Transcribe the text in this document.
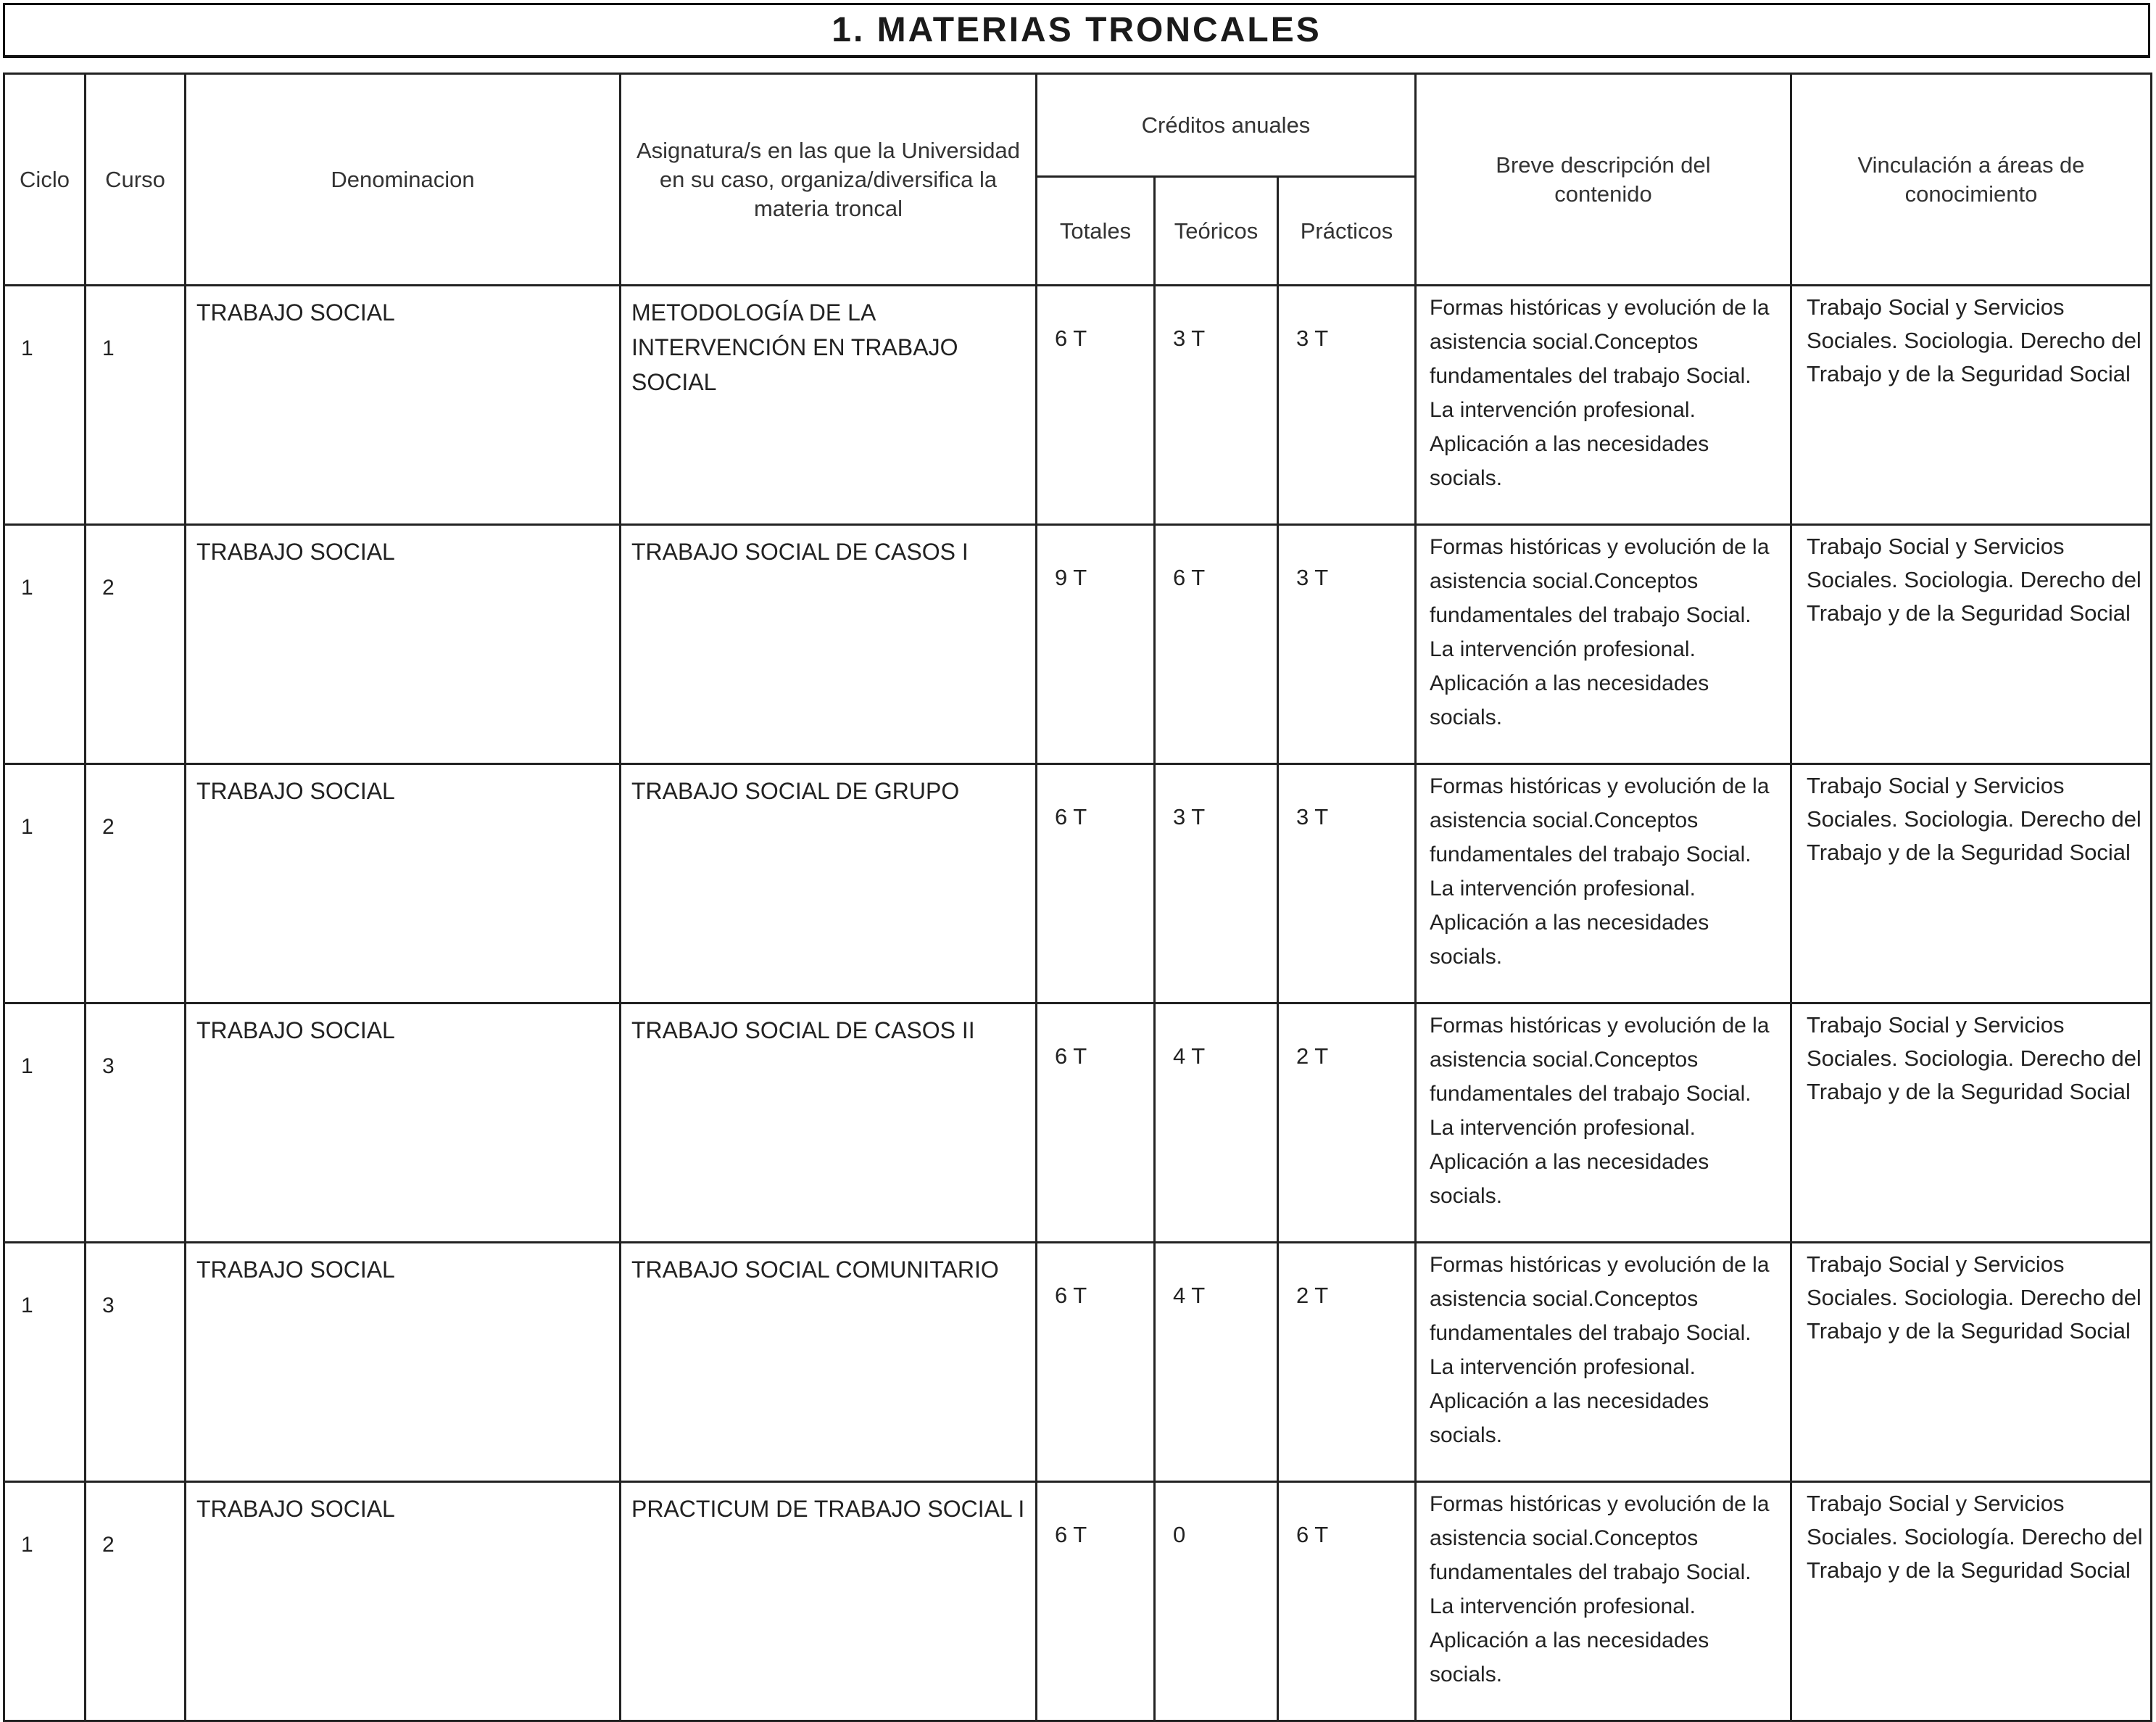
1. MATERIAS TRONCALES
Ciclo	Curso	Denominacion	Asignatura/s en las que la Universidad en su caso, organiza/diversifica la materia troncal	Créditos anuales			Breve descripción del contenido	Vinculación a áreas de conocimiento

				Totales	Teóricos	Prácticos		

1	1	TRABAJO SOCIAL	METODOLOGÍA DE LA INTERVENCIÓN EN TRABAJO SOCIAL	6 T	3 T	3 T	Formas históricas y evolución de la asistencia social.Conceptos fundamentales del trabajo Social. La intervención profesional. Aplicación a las necesidades socials.	Trabajo Social y Servicios Sociales. Sociologia. Derecho del Trabajo y de la Seguridad Social

1	2	TRABAJO SOCIAL	TRABAJO SOCIAL DE CASOS I	9 T	6 T	3 T	Formas históricas y evolución de la asistencia social.Conceptos fundamentales del trabajo Social. La intervención profesional. Aplicación a las necesidades socials.	Trabajo Social y Servicios Sociales. Sociologia. Derecho del Trabajo y de la Seguridad Social

1	2	TRABAJO SOCIAL	TRABAJO SOCIAL DE GRUPO	6 T	3 T	3 T	Formas históricas y evolución de la asistencia social.Conceptos fundamentales del trabajo Social. La intervención profesional. Aplicación a las necesidades socials.	Trabajo Social y Servicios Sociales. Sociologia. Derecho del Trabajo y de la Seguridad Social

1	3	TRABAJO SOCIAL	TRABAJO SOCIAL DE CASOS II	6 T	4 T	2 T	Formas históricas y evolución de la asistencia social.Conceptos fundamentales del trabajo Social. La intervención profesional. Aplicación a las necesidades socials.	Trabajo Social y Servicios Sociales. Sociologia. Derecho del Trabajo y de la Seguridad Social

1	3	TRABAJO SOCIAL	TRABAJO SOCIAL COMUNITARIO	6 T	4 T	2 T	Formas históricas y evolución de la asistencia social.Conceptos fundamentales del trabajo Social. La intervención profesional. Aplicación a las necesidades socials.	Trabajo Social y Servicios Sociales. Sociologia. Derecho del Trabajo y de la Seguridad Social

1	2	TRABAJO SOCIAL	PRACTICUM DE TRABAJO SOCIAL I	6 T	0	6 T	Formas históricas y evolución de la asistencia social.Conceptos fundamentales del trabajo Social. La intervención profesional. Aplicación a las necesidades socials.	Trabajo Social y Servicios Sociales. Sociología. Derecho del Trabajo y de la Seguridad Social
